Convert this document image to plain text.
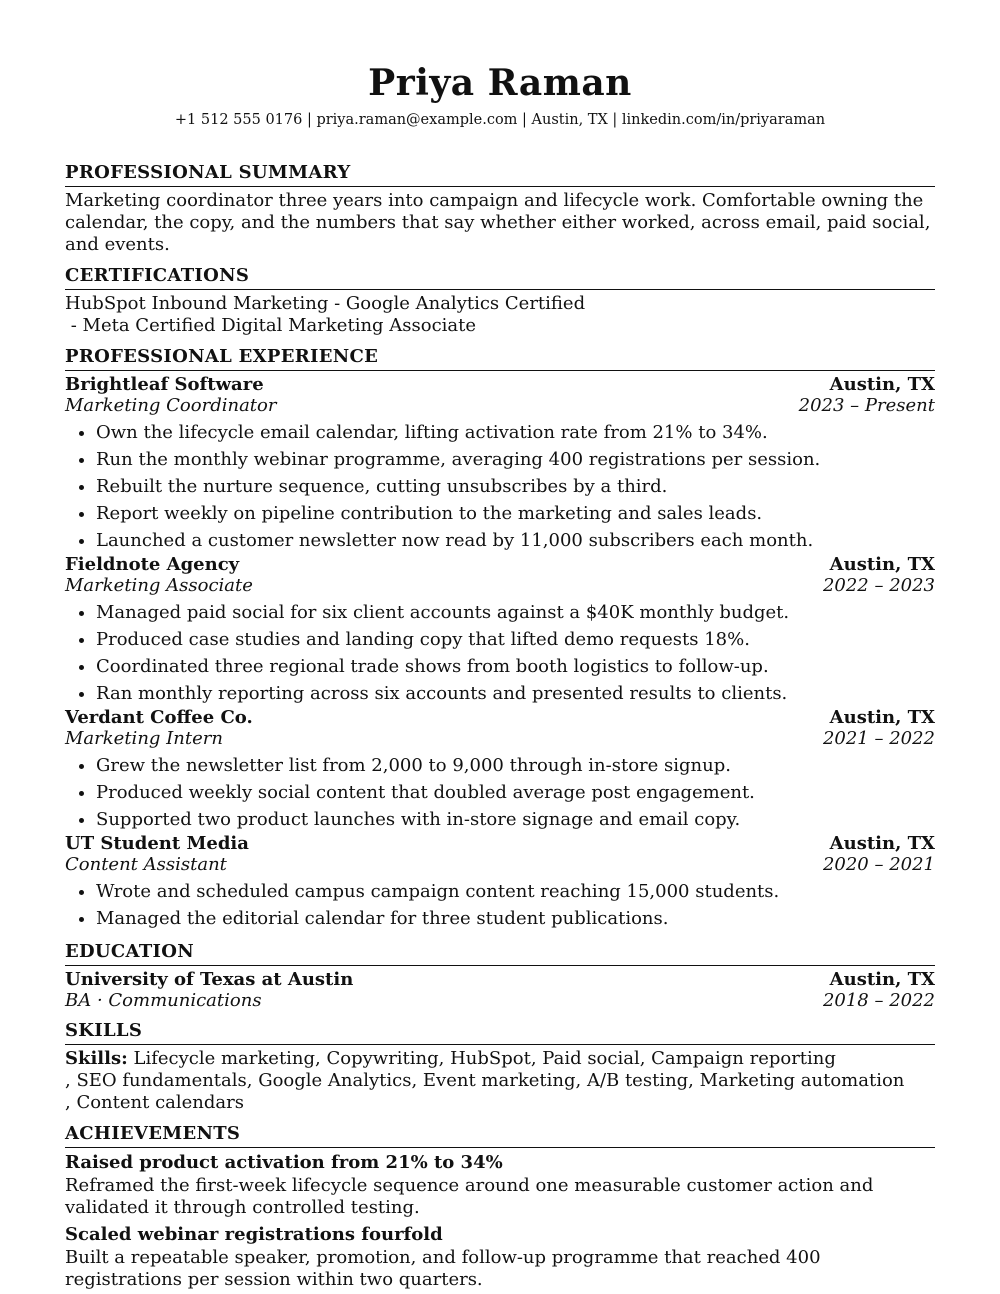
Priya Raman
+1 512 555 0176 | priya.raman@example.com | Austin, TX | linkedin.com/in/priyaraman
PROFESSIONAL SUMMARY

Marketing coordinator three years into campaign and lifecycle work. Comfortable owning the calendar, the copy, and the numbers that say whether either worked, across email, paid social, and events.

CERTIFICATIONS
HubSpot Inbound Marketing - Google Analytics Certified
- Meta Certified Digital Marketing Associate
PROFESSIONAL EXPERIENCE
Brightleaf Software	Austin, TX
Marketing Coordinator	2023 – Present
• Own the lifecycle email calendar, lifting activation rate from 21% to 34%.
• Run the monthly webinar programme, averaging 400 registrations per session.
• Rebuilt the nurture sequence, cutting unsubscribes by a third.
• Report weekly on pipeline contribution to the marketing and sales leads.
• Launched a customer newsletter now read by 11,000 subscribers each month.
Fieldnote Agency	Austin, TX
Marketing Associate	2022 – 2023
• Managed paid social for six client accounts against a $40K monthly budget.
• Produced case studies and landing copy that lifted demo requests 18%.
• Coordinated three regional trade shows from booth logistics to follow-up.
• Ran monthly reporting across six accounts and presented results to clients.
Verdant Coffee Co.	Austin, TX
Marketing Intern	2021 – 2022
• Grew the newsletter list from 2,000 to 9,000 through in-store signup.
• Produced weekly social content that doubled average post engagement.
• Supported two product launches with in-store signage and email copy.
UT Student Media	Austin, TX
Content Assistant	2020 – 2021
• Wrote and scheduled campus campaign content reaching 15,000 students.
• Managed the editorial calendar for three student publications.
EDUCATION
University of Texas at Austin	Austin, TX
BA · Communications	2018 – 2022
SKILLS
Skills: Lifecycle marketing, Copywriting, HubSpot, Paid social, Campaign reporting
, SEO fundamentals, Google Analytics, Event marketing, A/B testing, Marketing automation
, Content calendars
ACHIEVEMENTS
Raised product activation from 21% to 34%
Reframed the first-week lifecycle sequence around one measurable customer action and validated it through controlled testing.
Scaled webinar registrations fourfold
Built a repeatable speaker, promotion, and follow-up programme that reached 400 registrations per session within two quarters.
